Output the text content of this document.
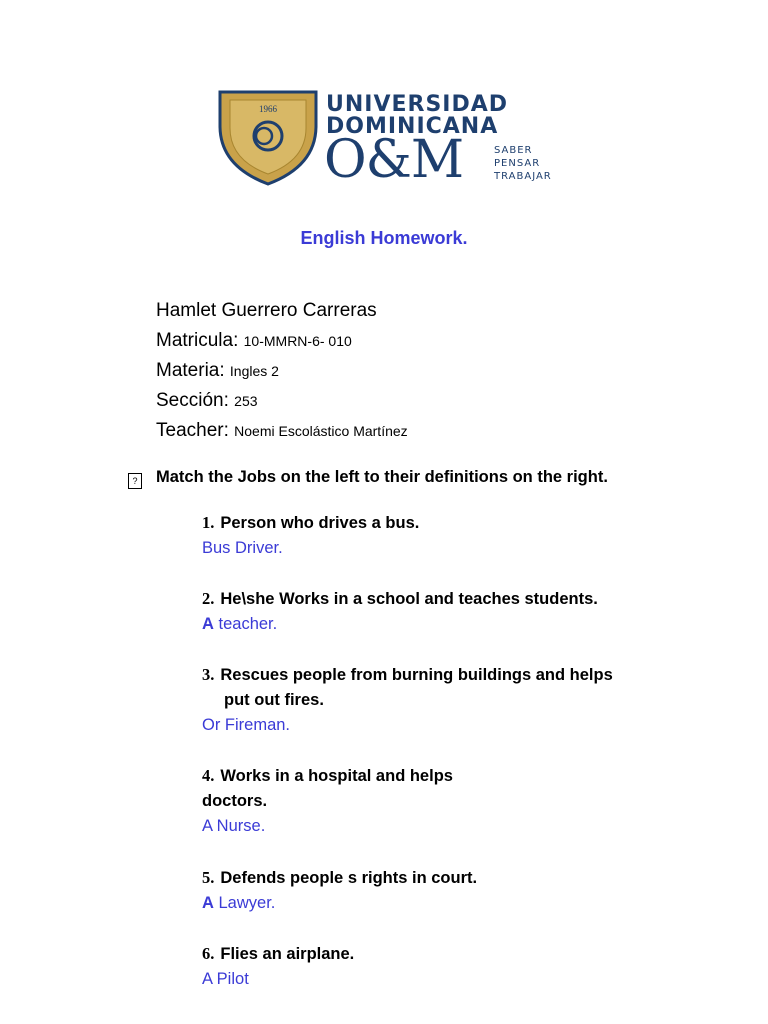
1966 UNIVERSIDAD
DOMINICANA
O&M	SABER
PENSAR
TRABAJAR
English Homework.
Hamlet Guerrero Carreras
Matricula: 10-MMRN-6- 010
Materia: Ingles 2
Sección: 253
Teacher: Noemi Escolástico Martínez
? Match the Jobs on the left to their definitions on the right.
1. Person who drives a bus.
Bus Driver.
2. He\she Works in a school and teaches students.
A teacher.
3. Rescues people from burning buildings and helps
put out fires.
Or Fireman.
4. Works in a hospital and helps
doctors.
A Nurse.
5. Defends people s rights in court.
A Lawyer.
6. Flies an airplane.
A Pilot
